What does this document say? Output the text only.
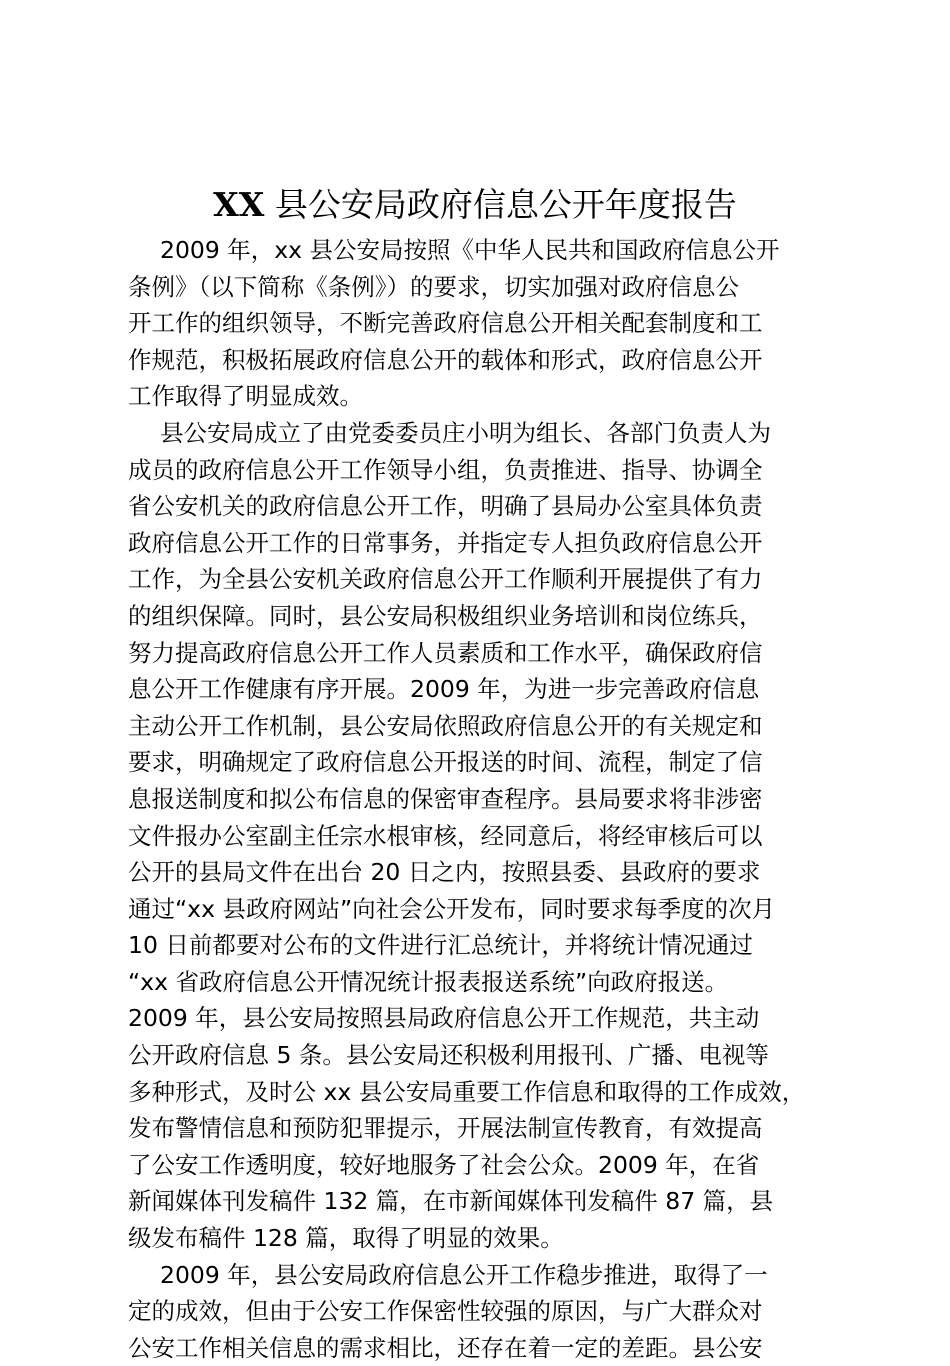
XX 县公安局政府信息公开年度报告
2009 年，xx 县公安局按照《中华人民共和国政府信息公开
条例》（以下简称《条例》）的要求，切实加强对政府信息公
开工作的组织领导，不断完善政府信息公开相关配套制度和工
作规范，积极拓展政府信息公开的载体和形式，政府信息公开
工作取得了明显成效。
县公安局成立了由党委委员庄小明为组长、各部门负责人为
成员的政府信息公开工作领导小组，负责推进、指导、协调全
省公安机关的政府信息公开工作，明确了县局办公室具体负责
政府信息公开工作的日常事务，并指定专人担负政府信息公开
工作，为全县公安机关政府信息公开工作顺利开展提供了有力
的组织保障。同时，县公安局积极组织业务培训和岗位练兵，
努力提高政府信息公开工作人员素质和工作水平，确保政府信
息公开工作健康有序开展。2009 年，为进一步完善政府信息
主动公开工作机制，县公安局依照政府信息公开的有关规定和
要求，明确规定了政府信息公开报送的时间、流程，制定了信
息报送制度和拟公布信息的保密审查程序。县局要求将非涉密
文件报办公室副主任宗水根审核，经同意后，将经审核后可以
公开的县局文件在出台 20 日之内，按照县委、县政府的要求
通过“xx 县政府网站”向社会公开发布，同时要求每季度的次月
10 日前都要对公布的文件进行汇总统计，并将统计情况通过
“xx 省政府信息公开情况统计报表报送系统”向政府报送。
2009 年，县公安局按照县局政府信息公开工作规范，共主动
公开政府信息 5 条。县公安局还积极利用报刊、广播、电视等
多种形式，及时公 xx 县公安局重要工作信息和取得的工作成效，
发布警情信息和预防犯罪提示，开展法制宣传教育，有效提高
了公安工作透明度，较好地服务了社会公众。2009 年，在省
新闻媒体刊发稿件 132 篇，在市新闻媒体刊发稿件 87 篇，县
级发布稿件 128 篇，取得了明显的效果。
2009 年，县公安局政府信息公开工作稳步推进，取得了一
定的成效，但由于公安工作保密性较强的原因，与广大群众对
公安工作相关信息的需求相比，还存在着一定的差距。县公安
